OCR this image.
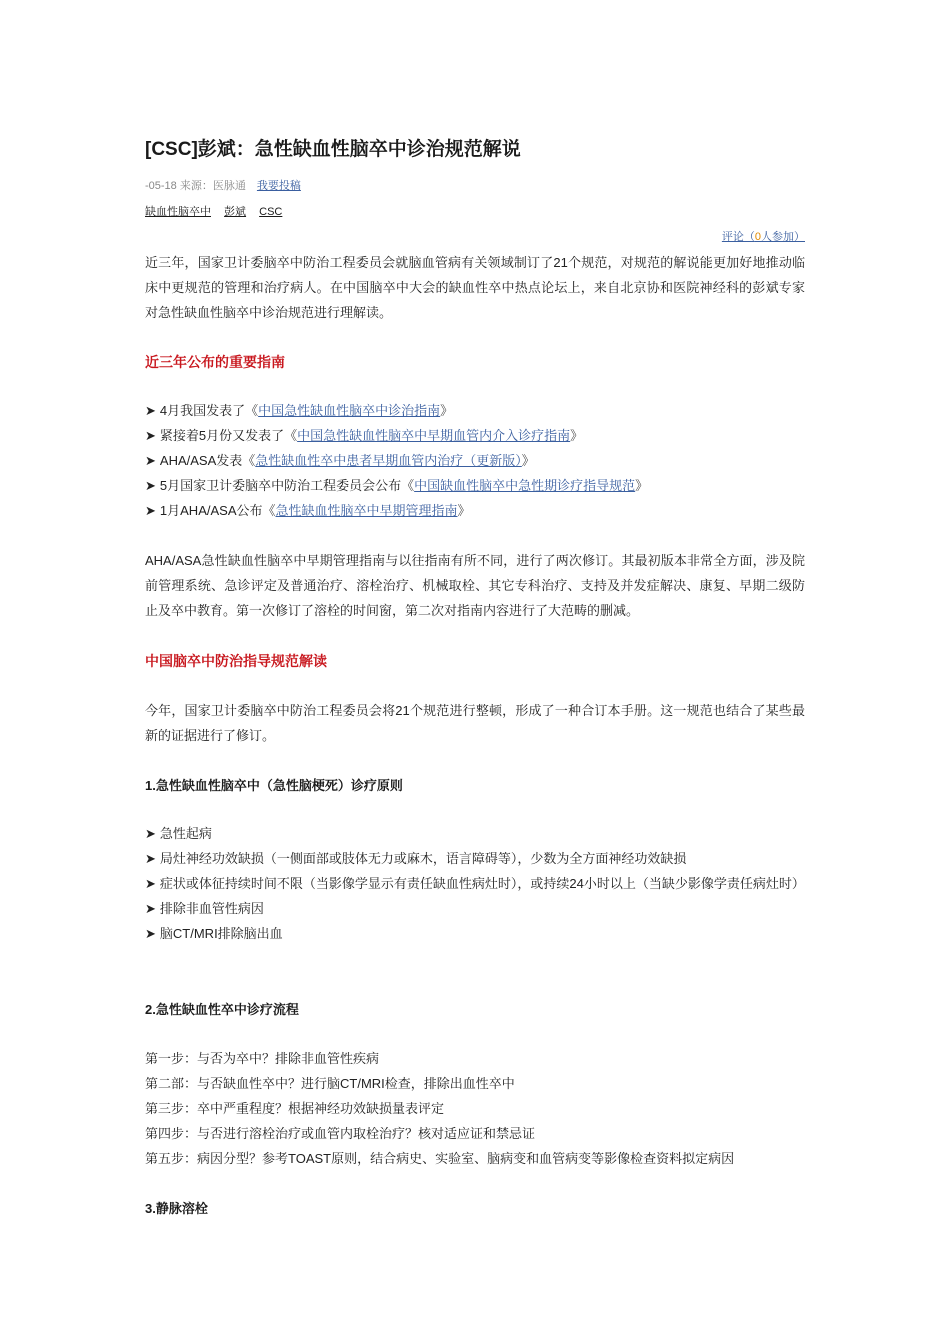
[CSC]彭斌：急性缺血性脑卒中诊治规范解说
-05-18 来源：医脉通 我要投稿
缺血性脑卒中 彭斌 CSC
评论（0人参加）

近三年，国家卫计委脑卒中防治工程委员会就脑血管病有关领域制订了21个规范，对规范的解说能更加好地推动临床中更规范的管理和治疗病人。在中国脑卒中大会的缺血性卒中热点论坛上，来自北京协和医院神经科的彭斌专家对急性缺血性脑卒中诊治规范进行理解读。

近三年公布的重要指南
➤ 4月我国发表了《中国急性缺血性脑卒中诊治指南》
➤ 紧接着5月份又发表了《中国急性缺血性脑卒中早期血管内介入诊疗指南》
➤ AHA/ASA发表《急性缺血性卒中患者早期血管内治疗（更新版）》
➤ 5月国家卫计委脑卒中防治工程委员会公布《中国缺血性脑卒中急性期诊疗指导规范》
➤ 1月AHA/ASA公布《急性缺血性脑卒中早期管理指南》

AHA/ASA急性缺血性脑卒中早期管理指南与以往指南有所不同，进行了两次修订。其最初版本非常全方面，涉及院前管理系统、急诊评定及普通治疗、溶栓治疗、机械取栓、其它专科治疗、支持及并发症解决、康复、早期二级防止及卒中教育。第一次修订了溶栓的时间窗，第二次对指南内容进行了大范畴的删减。

中国脑卒中防治指导规范解读

今年，国家卫计委脑卒中防治工程委员会将21个规范进行整顿，形成了一种合订本手册。这一规范也结合了某些最新的证据进行了修订。

1.急性缺血性脑卒中（急性脑梗死）诊疗原则
➤ 急性起病
➤ 局灶神经功效缺损（一侧面部或肢体无力或麻木，语言障碍等），少数为全方面神经功效缺损
➤ 症状或体征持续时间不限（当影像学显示有责任缺血性病灶时），或持续24小时以上（当缺少影像学责任病灶时）
➤ 排除非血管性病因
➤ 脑CT/MRI排除脑出血
2.急性缺血性卒中诊疗流程
第一步：与否为卒中？排除非血管性疾病
第二部：与否缺血性卒中？进行脑CT/MRI检查，排除出血性卒中
第三步：卒中严重程度？根据神经功效缺损量表评定
第四步：与否进行溶栓治疗或血管内取栓治疗？核对适应证和禁忌证
第五步：病因分型？参考TOAST原则，结合病史、实验室、脑病变和血管病变等影像检查资料拟定病因
3.静脉溶栓
